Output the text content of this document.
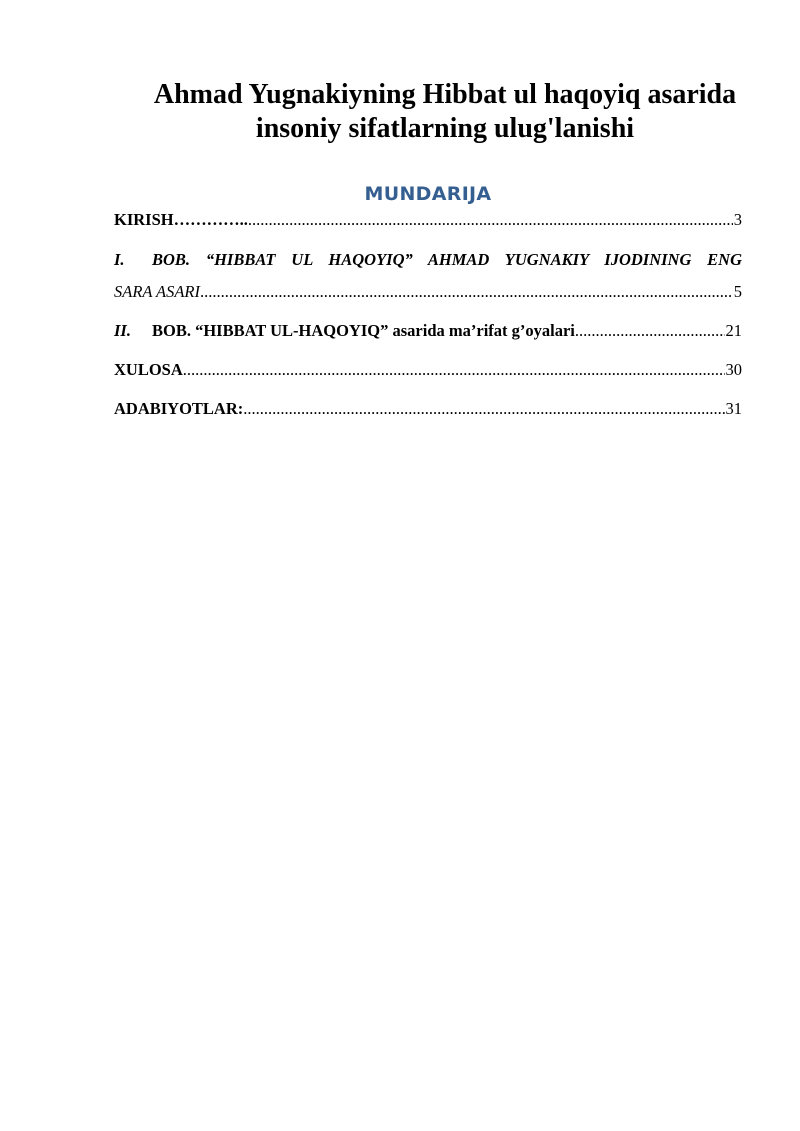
Ahmad Yugnakiyning Hibbat ul haqoyiq asarida
insoniy sifatlarning ulug'lanishi
MUNDARIJA
KIRISH ………….. .....	3
I. BOB. “HIBBAT UL HAQOYIQ” AHMAD YUGNAKIY IJODINING ENG
SARA ASARI .....	5
II.	BOB. “HIBBAT UL-HAQOYIQ” asarida ma’rifat g’oyalari .....	21
XULOSA .....	30
ADABIYOTLAR: .....	31
